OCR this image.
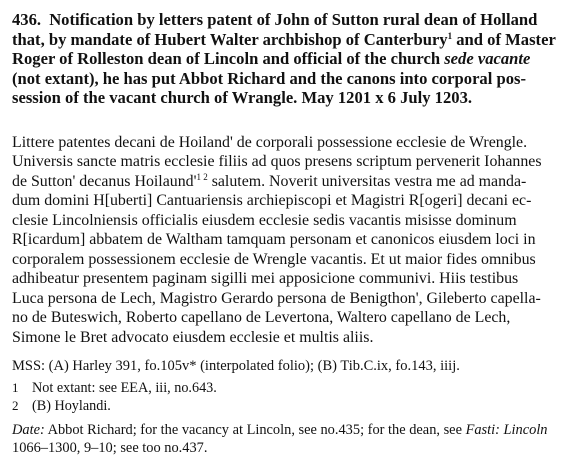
436. Notification by letters patent of John of Sutton rural dean of Holland
that, by mandate of Hubert Walter archbishop of Canterbury$^1$ and of Master
Roger of Rolleston dean of Lincoln and official of the church sede vacante
(not extant), he has put Abbot Richard and the canons into corporal pos-
session of the vacant church of Wrangle. May 1201 x 6 July 1203.

Littere patentes decani de Hoiland' de corporali possessione ecclesie de Wrengle.
Universis sancte matris ecclesie filiis ad quos presens scriptum pervenerit Iohannes
de Sutton' decanus $Hoilaund'^{1 2}$ salutem. Noverit universitas vestra me ad manda-
dum domini H[uberti] Cantuariensis archiepiscopi et Magistri R[ogeri] decani ec-
clesie Lincolniensis officialis eiusdem ecclesie sedis vacantis misisse dominum
R[icardum] abbatem de Waltham tamquam personam et canonicos eiusdem loci in
corporalem possessionem ecclesie de Wrengle vacantis. Et ut maior fides omnibus
adhibeatur presentem paginam sigilli mei apposicione communivi. Hiis testibus
Luca persona de Lech, Magistro Gerardo persona de Benigthon', Gileberto capella-
no de Buteswich, Roberto capellano de Levertona, Waltero capellano de Lech,
Simone le Bret advocato eiusdem ecclesie et multis aliis.
MSS: (A) Harley 391, fo.105v* (interpolated folio); (B) Tib.C.ix, fo.143, iiij.
1 Not extant: see EEA, iii, no.643.
2 (B) Hoylandi.
Date: Abbot Richard; for the vacancy at Lincoln, see no.435; for the dean, see Fasti: Lincoln
1066–1300, 9–10; see too no.437.
